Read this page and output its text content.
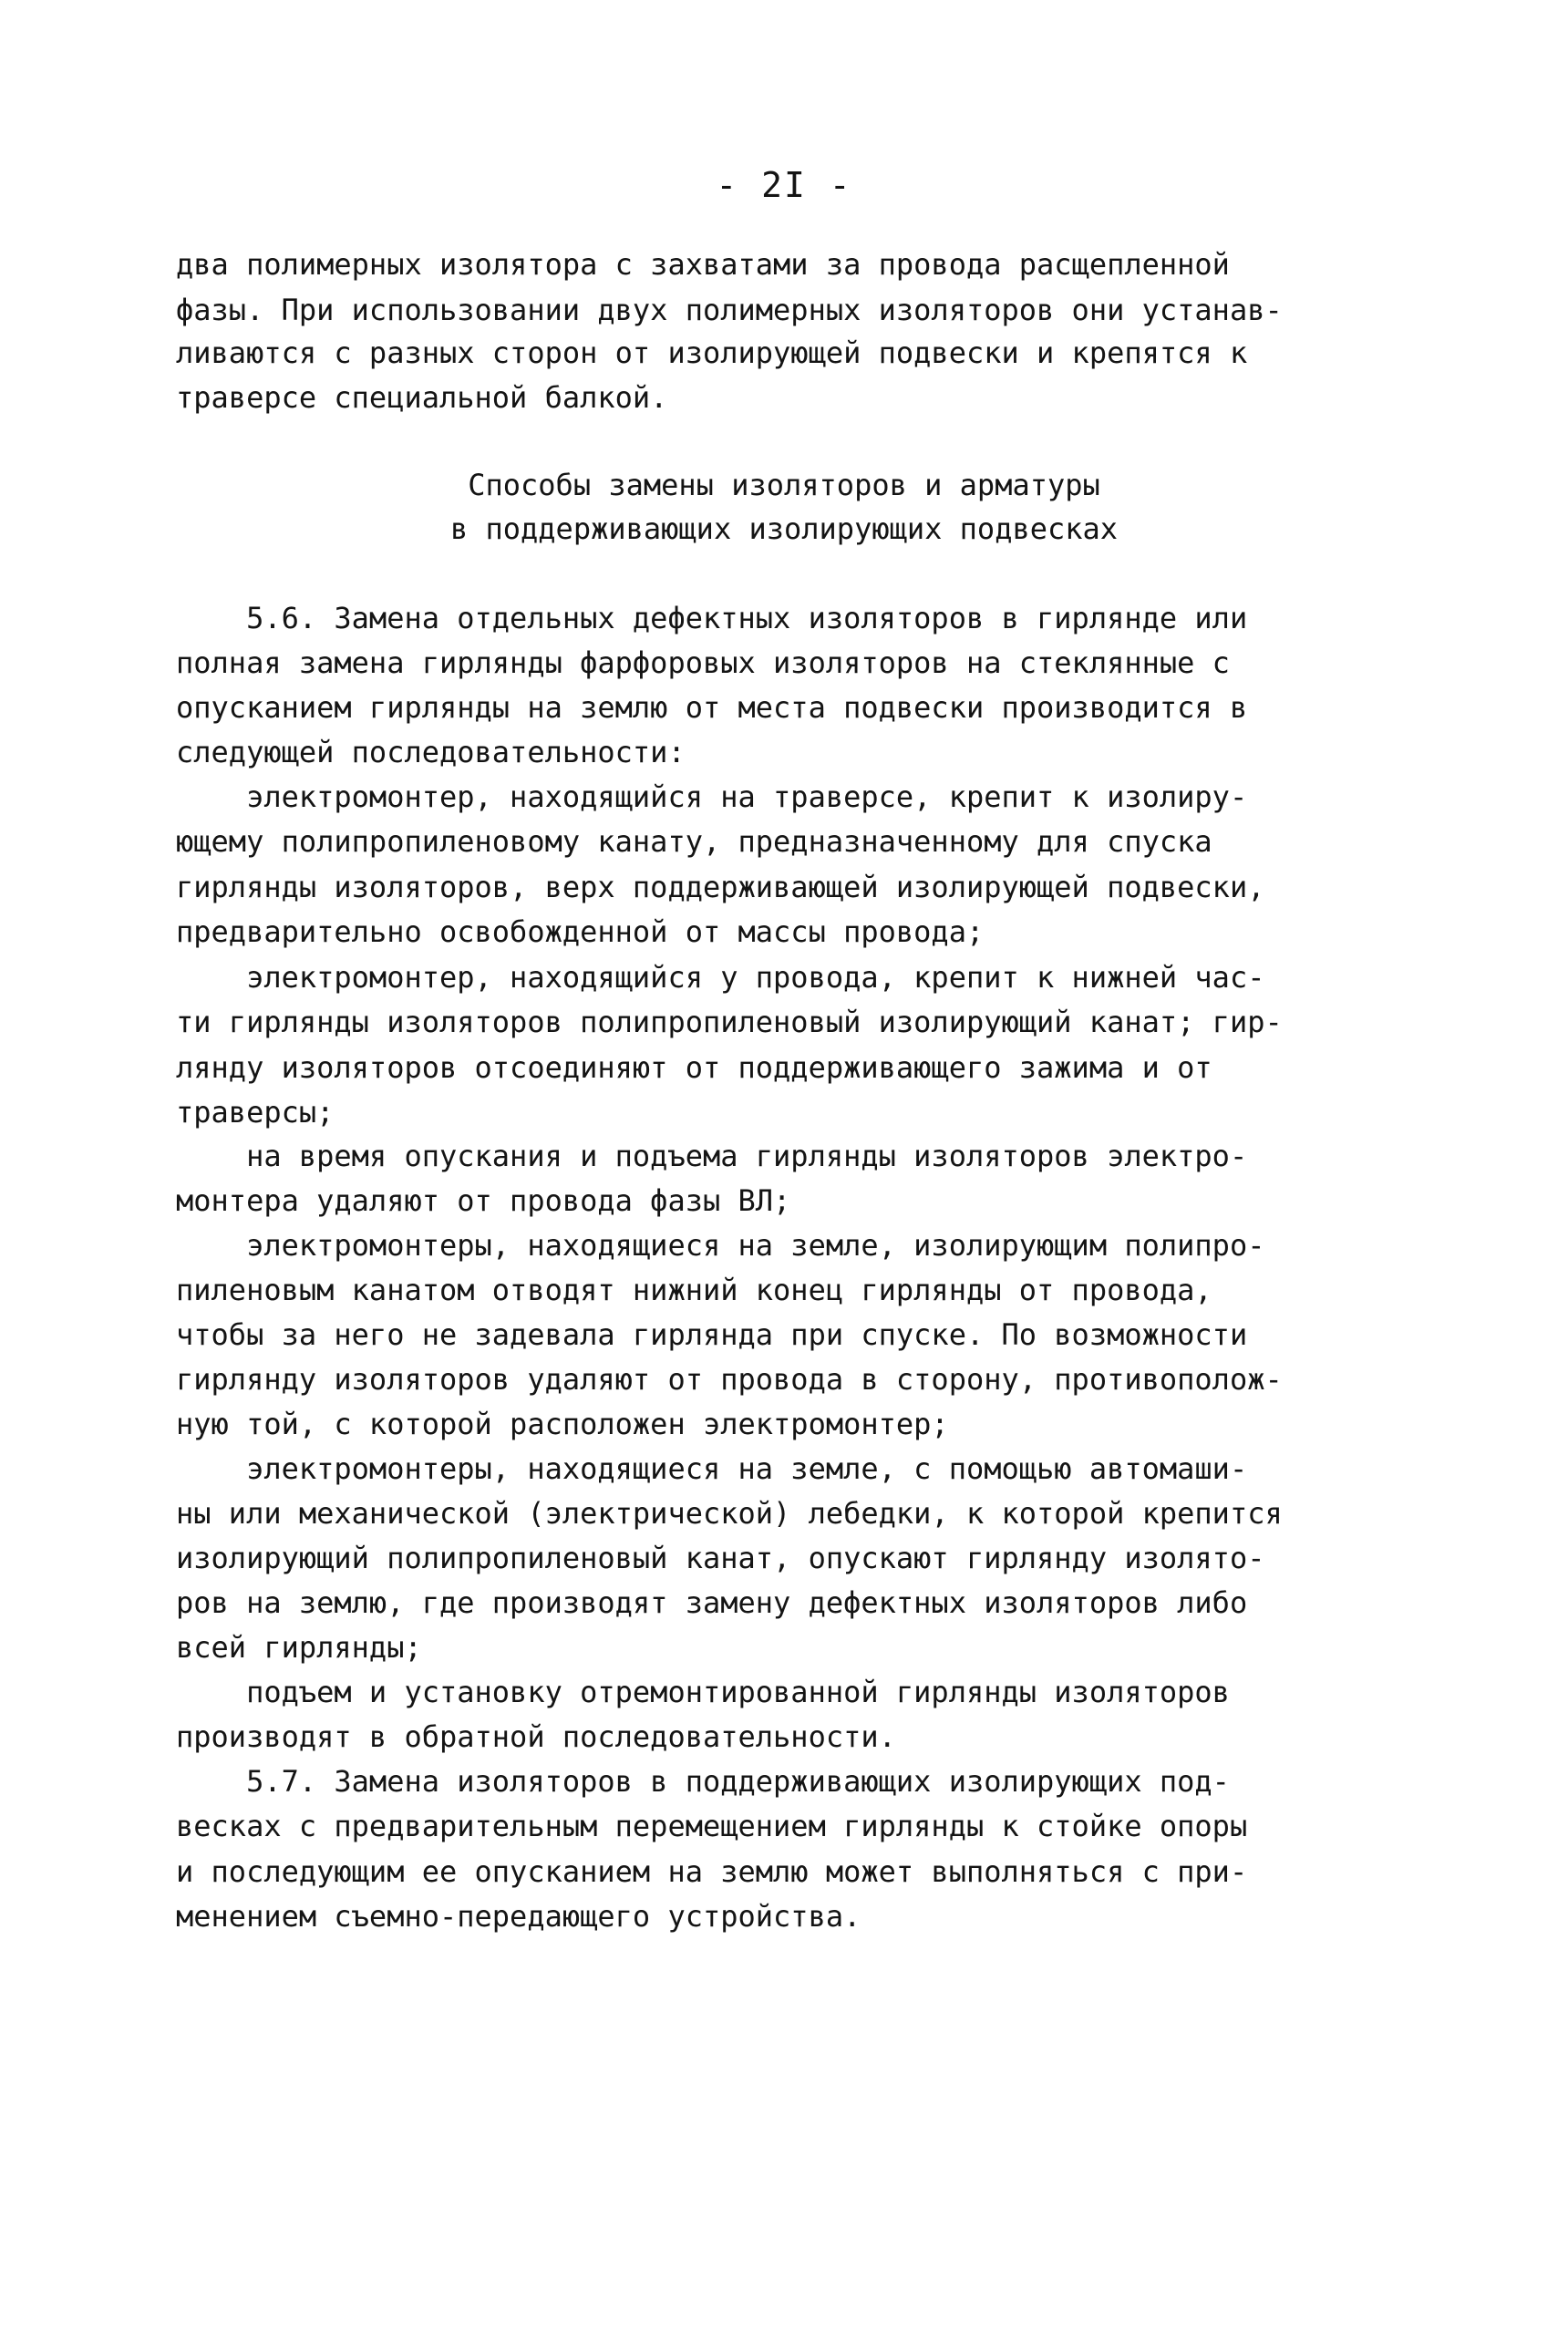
- 2I -
два полимерных изолятора с захватами за провода расщепленной
фазы. При использовании двух полимерных изоляторов они устанав-
ливаются с разных сторон от изолирующей подвески и крепятся к
траверсе специальной балкой.
Способы замены изоляторов и арматуры
в поддерживающих изолирующих подвесках
5.6. Замена отдельных дефектных изоляторов в гирлянде или
полная замена гирлянды фарфоровых изоляторов на стеклянные с
опусканием гирлянды на землю от места подвески производится в
следующей последовательности:
электромонтер, находящийся на траверсе, крепит к изолиру-
ющему полипропиленовому канату, предназначенному для спуска
гирлянды изоляторов, верх поддерживающей изолирующей подвески,
предварительно освобожденной от массы провода;
электромонтер, находящийся у провода, крепит к нижней час-
ти гирлянды изоляторов полипропиленовый изолирующий канат; гир-
лянду изоляторов отсоединяют от поддерживающего зажима и от
траверсы;
на время опускания и подъема гирлянды изоляторов электро-
монтера удаляют от провода фазы ВЛ;
электромонтеры, находящиеся на земле, изолирующим полипро-
пиленовым канатом отводят нижний конец гирлянды от провода,
чтобы за него не задевала гирлянда при спуске. По возможности
гирлянду изоляторов удаляют от провода в сторону, противополож-
ную той, с которой расположен электромонтер;
электромонтеры, находящиеся на земле, с помощью автомаши-
ны или механической (электрической) лебедки, к которой крепится
изолирующий полипропиленовый канат, опускают гирлянду изолято-
ров на землю, где производят замену дефектных изоляторов либо
всей гирлянды;
подъем и установку отремонтированной гирлянды изоляторов
производят в обратной последовательности.
5.7. Замена изоляторов в поддерживающих изолирующих под-
весках с предварительным перемещением гирлянды к стойке опоры
и последующим ее опусканием на землю может выполняться с при-
менением съемно-передающего устройства.
